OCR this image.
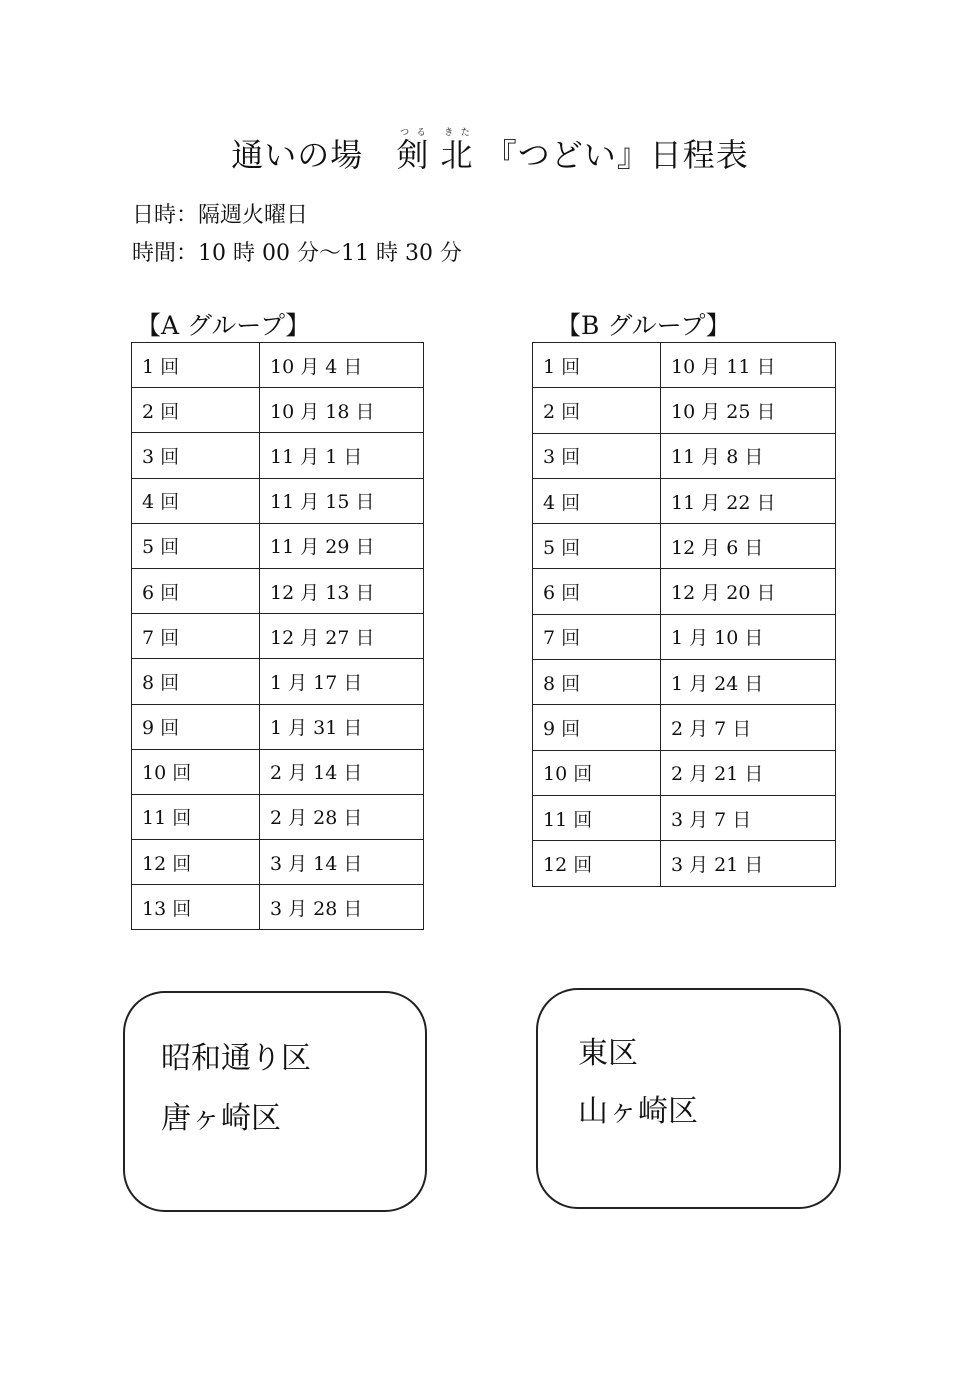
通いの場　 剣つる 北きた 『つどい』日程表
日時：隔週火曜日
時間：10 時 00 分～11 時 30 分
【A グループ】	【B グループ】
1 回	10 月 4 日
2 回	10 月 18 日
3 回	11 月 1 日
4 回	11 月 15 日
5 回	11 月 29 日
6 回	12 月 13 日
7 回	12 月 27 日
8 回	1 月 17 日
9 回	1 月 31 日
10 回	2 月 14 日
11 回	2 月 28 日
12 回	3 月 14 日
13 回	3 月 28 日
1 回	10 月 11 日
2 回	10 月 25 日
3 回	11 月 8 日
4 回	11 月 22 日
5 回	12 月 6 日
6 回	12 月 20 日
7 回	1 月 10 日
8 回	1 月 24 日
9 回	2 月 7 日
10 回	2 月 21 日
11 回	3 月 7 日
12 回	3 月 21 日
昭和通り区
唐ヶ崎区
東区
山ヶ崎区
